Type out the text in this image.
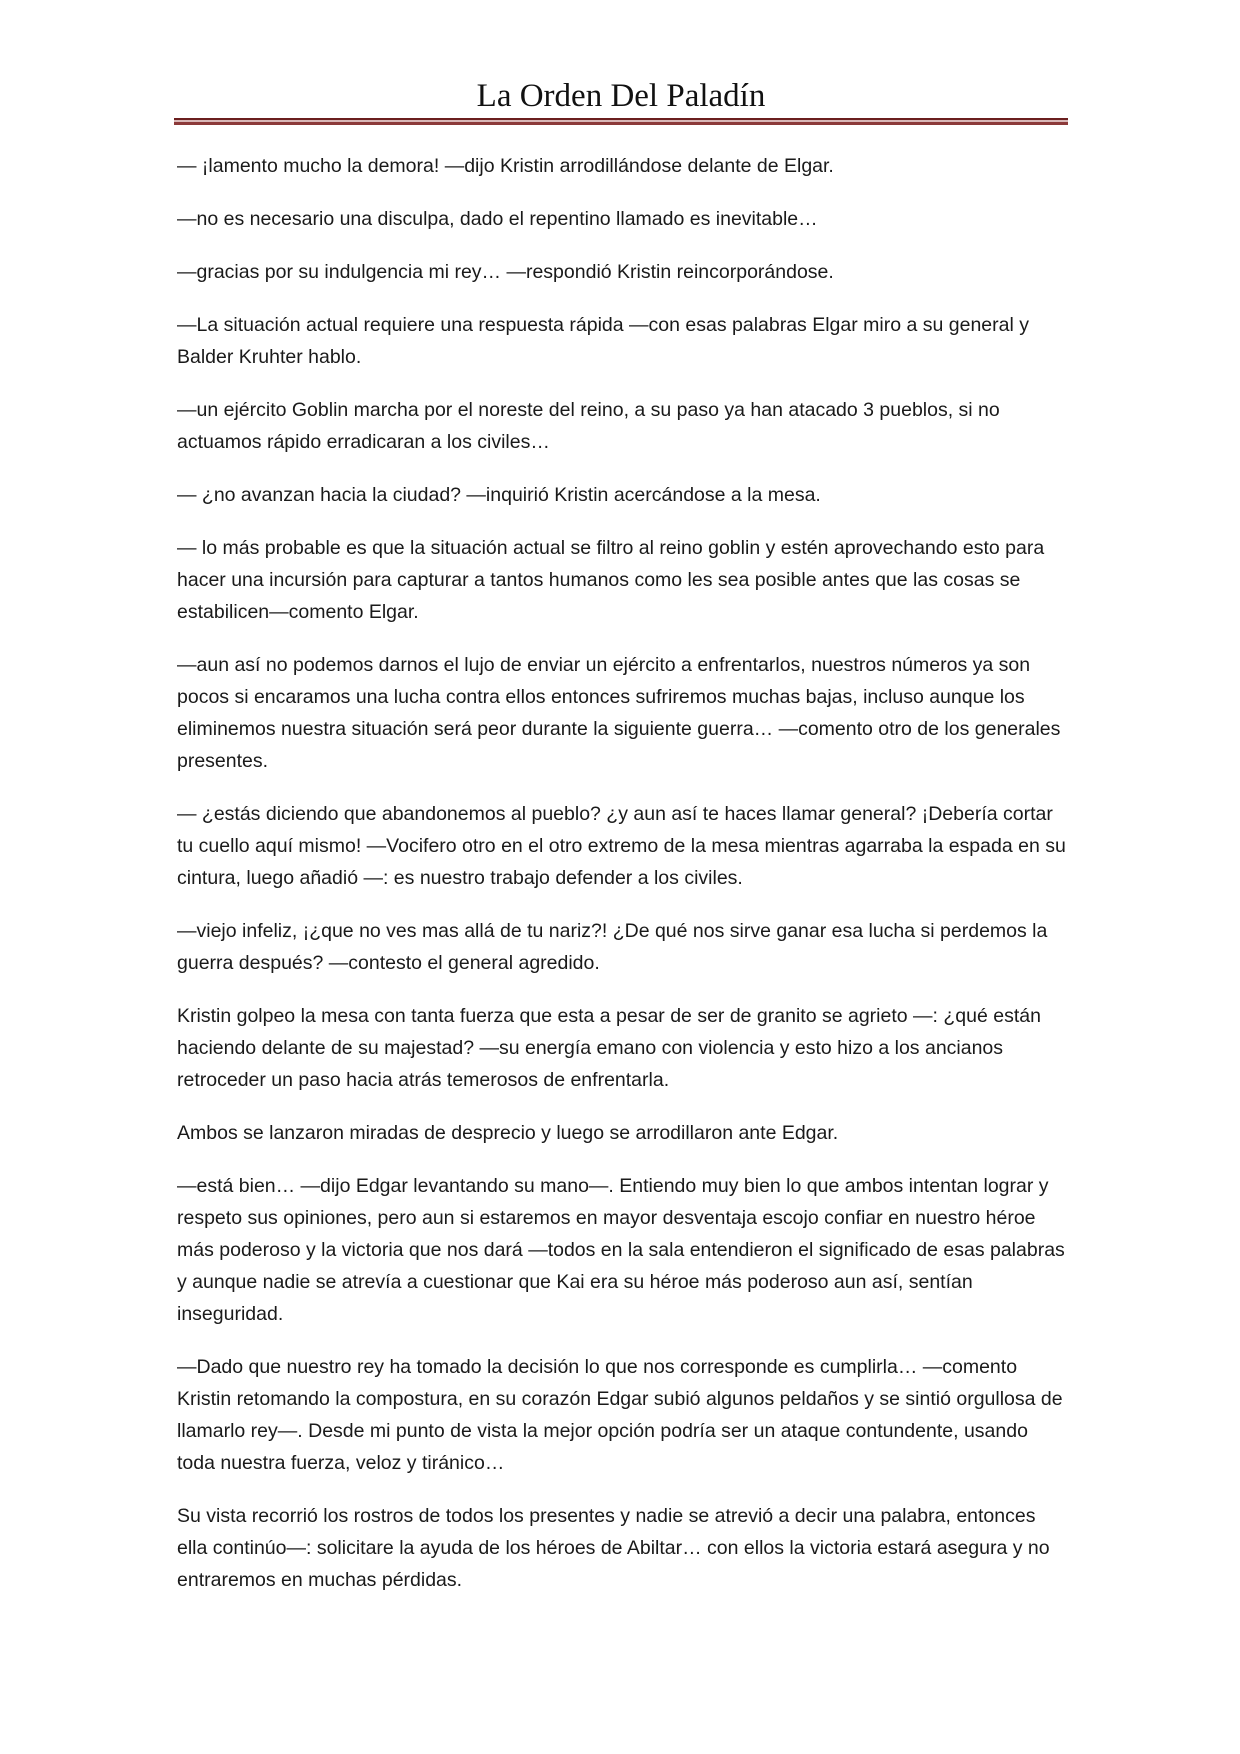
La Orden Del Paladín

— ¡lamento mucho la demora! —dijo Kristin arrodillándose delante de Elgar.

—no es necesario una disculpa, dado el repentino llamado es inevitable…

—gracias por su indulgencia mi rey… —respondió Kristin reincorporándose.

—La situación actual requiere una respuesta rápida —con esas palabras Elgar miro a su general y Balder Kruhter hablo.

—un ejército Goblin marcha por el noreste del reino, a su paso ya han atacado 3 pueblos, si no actuamos rápido erradicaran a los civiles…

— ¿no avanzan hacia la ciudad? —inquirió Kristin acercándose a la mesa.

— lo más probable es que la situación actual se filtro al reino goblin y estén aprovechando esto para hacer una incursión para capturar a tantos humanos como les sea posible antes que las cosas se estabilicen—comento Elgar.

—aun así no podemos darnos el lujo de enviar un ejército a enfrentarlos, nuestros números ya son pocos si encaramos una lucha contra ellos entonces sufriremos muchas bajas, incluso aunque los eliminemos nuestra situación será peor durante la siguiente guerra… —comento otro de los generales presentes.

— ¿estás diciendo que abandonemos al pueblo? ¿y aun así te haces llamar general? ¡Debería cortar tu cuello aquí mismo! —Vocifero otro en el otro extremo de la mesa mientras agarraba la espada en su cintura, luego añadió —: es nuestro trabajo defender a los civiles.

—viejo infeliz, ¡¿que no ves mas allá de tu nariz?! ¿De qué nos sirve ganar esa lucha si perdemos la guerra después? —contesto el general agredido.

Kristin golpeo la mesa con tanta fuerza que esta a pesar de ser de granito se agrieto —: ¿qué están haciendo delante de su majestad? —su energía emano con violencia y esto hizo a los ancianos retroceder un paso hacia atrás temerosos de enfrentarla.

Ambos se lanzaron miradas de desprecio y luego se arrodillaron ante Edgar.

—está bien… —dijo Edgar levantando su mano—. Entiendo muy bien lo que ambos intentan lograr y respeto sus opiniones, pero aun si estaremos en mayor desventaja escojo confiar en nuestro héroe más poderoso y la victoria que nos dará —todos en la sala entendieron el significado de esas palabras y aunque nadie se atrevía a cuestionar que Kai era su héroe más poderoso aun así, sentían inseguridad.

—Dado que nuestro rey ha tomado la decisión lo que nos corresponde es cumplirla… —comento Kristin retomando la compostura, en su corazón Edgar subió algunos peldaños y se sintió orgullosa de llamarlo rey—. Desde mi punto de vista la mejor opción podría ser un ataque contundente, usando toda nuestra fuerza, veloz y tiránico…

Su vista recorrió los rostros de todos los presentes y nadie se atrevió a decir una palabra, entonces ella continúo—: solicitare la ayuda de los héroes de Abiltar… con ellos la victoria estará asegura y no entraremos en muchas pérdidas.
